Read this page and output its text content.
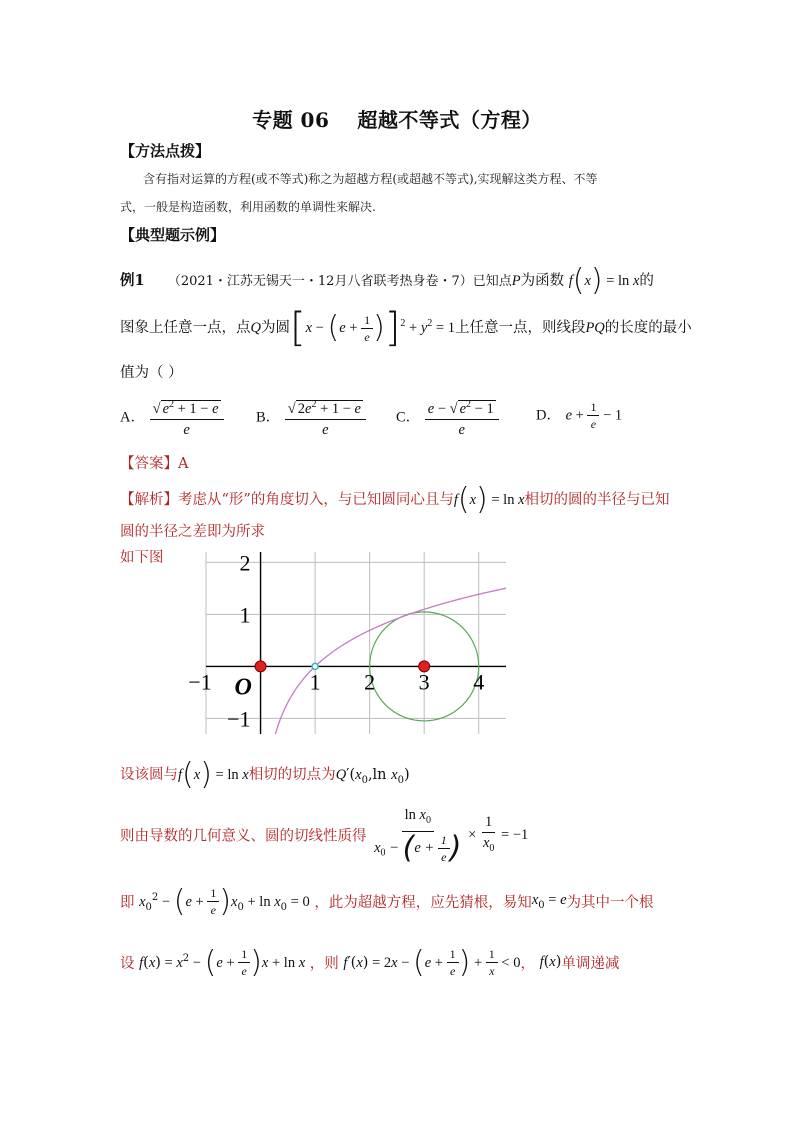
专题 06 超越不等式（方程）
【方法点拨】
含有指对运算的方程(或不等式)称之为超越方程(或超越不等式),实现解这类方程、不等
式，一般是构造函数，利用函数的单调性来解决.
【典型题示例】
例1 （2021・江苏无锡天一・12月八省联考热身卷・7）已知点P为函数 f(x) = ln x的
图象上任意一点，点Q为圆$[x - (e + \frac{1}{e} )]^2 + y^2 = 1$上任意一点，则线段PQ的长度的最小
值为（ ）
A． $\frac{√ e^2 + 1 - e}{e}$ B． $\frac{√ 2e^2 + 1 - e}{e}$ C． $\frac{e - √ e^2 - 1}{e}$	D． $e + \frac{1}{e} - 1$
【答案】A
【解析】考虑从“形”的角度切入，与已知圆同心且与f(x) = ln x相切的圆的半径与已知
圆的半径之差即为所求
如下图
−1	1 2 3 4
2
1
−1
O
设该圆与f(x) = ln x相切的切点为$Q'(x_0,\ln$ $x_0$)
则由导数的几何意义、圆的切线性质得 $\frac{\ln x_0}{x_0 - (e + \frac{1}{e} )} \times \frac{1}{x_0} = -1$
即 $x_0^2 - (e + \frac{1}{e} )x_0 + \ln x_0 = 0$ ，此为超越方程，应先猜根，易知$x_0 = e$为其中一个根
设 $f(x) = x^2 - (e + \frac{1}{e} )x + \ln x$ ，则 $f'(x) = 2x - (e + \frac{1}{e}$ ) + $\frac{1}{x} < 0$， f(x)单调递减
